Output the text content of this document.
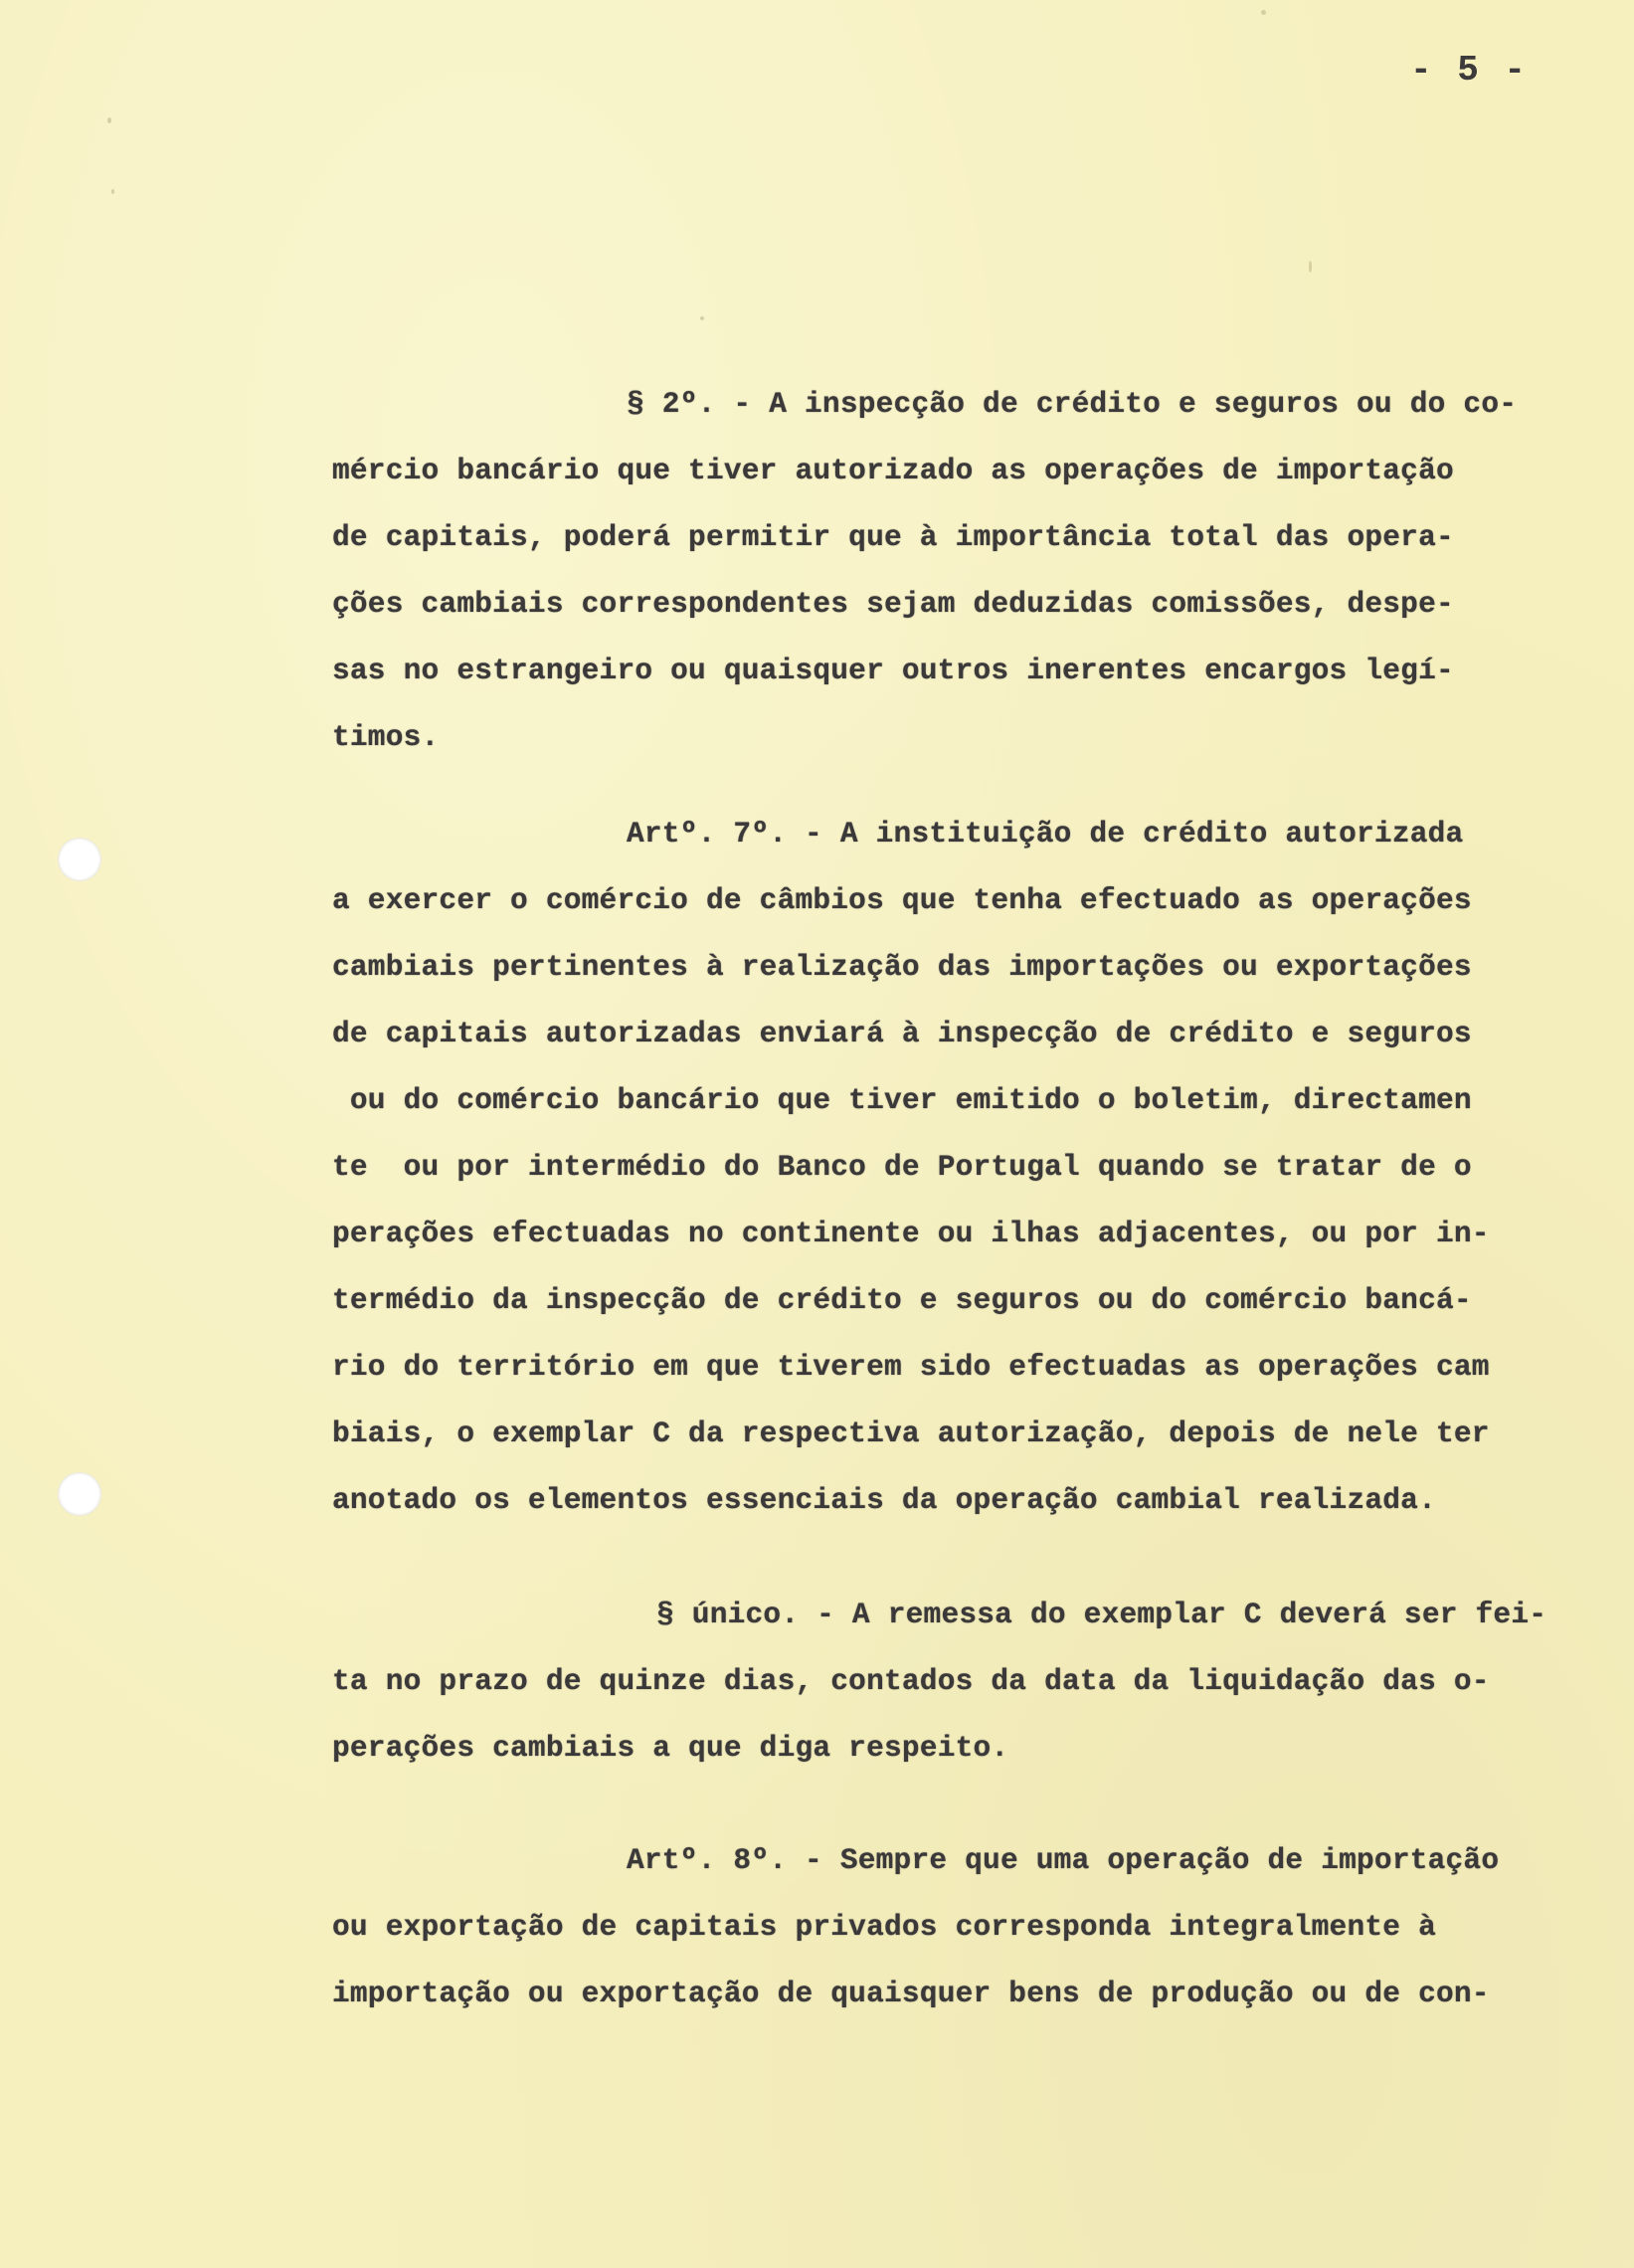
- 5 -

§ 2º. - A inspecção de crédito e seguros ou do co-

mércio bancário que tiver autorizado as operações de importação

de capitais, poderá permitir que à importância total das opera-

ções cambiais correspondentes sejam deduzidas comissões, despe-

sas no estrangeiro ou quaisquer outros inerentes encargos legí-

timos.

Artº. 7º. - A instituição de crédito autorizada

a exercer o comércio de câmbios que tenha efectuado as operações

cambiais pertinentes à realização das importações ou exportações

de capitais autorizadas enviará à inspecção de crédito e seguros

ou do comércio bancário que tiver emitido o boletim, directamen

te  ou por intermédio do Banco de Portugal quando se tratar de o

perações efectuadas no continente ou ilhas adjacentes, ou por in-

termédio da inspecção de crédito e seguros ou do comércio bancá-

rio do território em que tiverem sido efectuadas as operações cam

biais, o exemplar C da respectiva autorização, depois de nele ter

anotado os elementos essenciais da operação cambial realizada.

§ único. - A remessa do exemplar C deverá ser fei-

ta no prazo de quinze dias, contados da data da liquidação das o-

perações cambiais a que diga respeito.

Artº. 8º. - Sempre que uma operação de importação

ou exportação de capitais privados corresponda integralmente à

importação ou exportação de quaisquer bens de produção ou de con-
